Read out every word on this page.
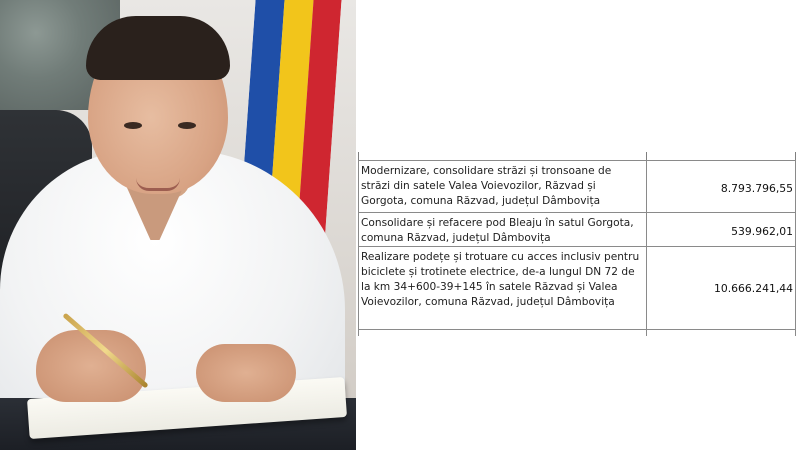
Modernizare, consolidare străzi și tronsoane de străzi din satele Valea Voievozilor, Răzvad și Gorgota, comuna Răzvad, județul Dâmbovița
8.793.796,55
Consolidare și refacere pod Bleaju în satul Gorgota, comuna Răzvad, județul Dâmbovița	539.962,01
Realizare podețe și trotuare cu acces inclusiv pentru biciclete și trotinete electrice, de-a lungul DN 72 de la km 34+600-39+145 în satele Răzvad și Valea Voievozilor, comuna Răzvad, județul Dâmbovița
10.666.241,44
